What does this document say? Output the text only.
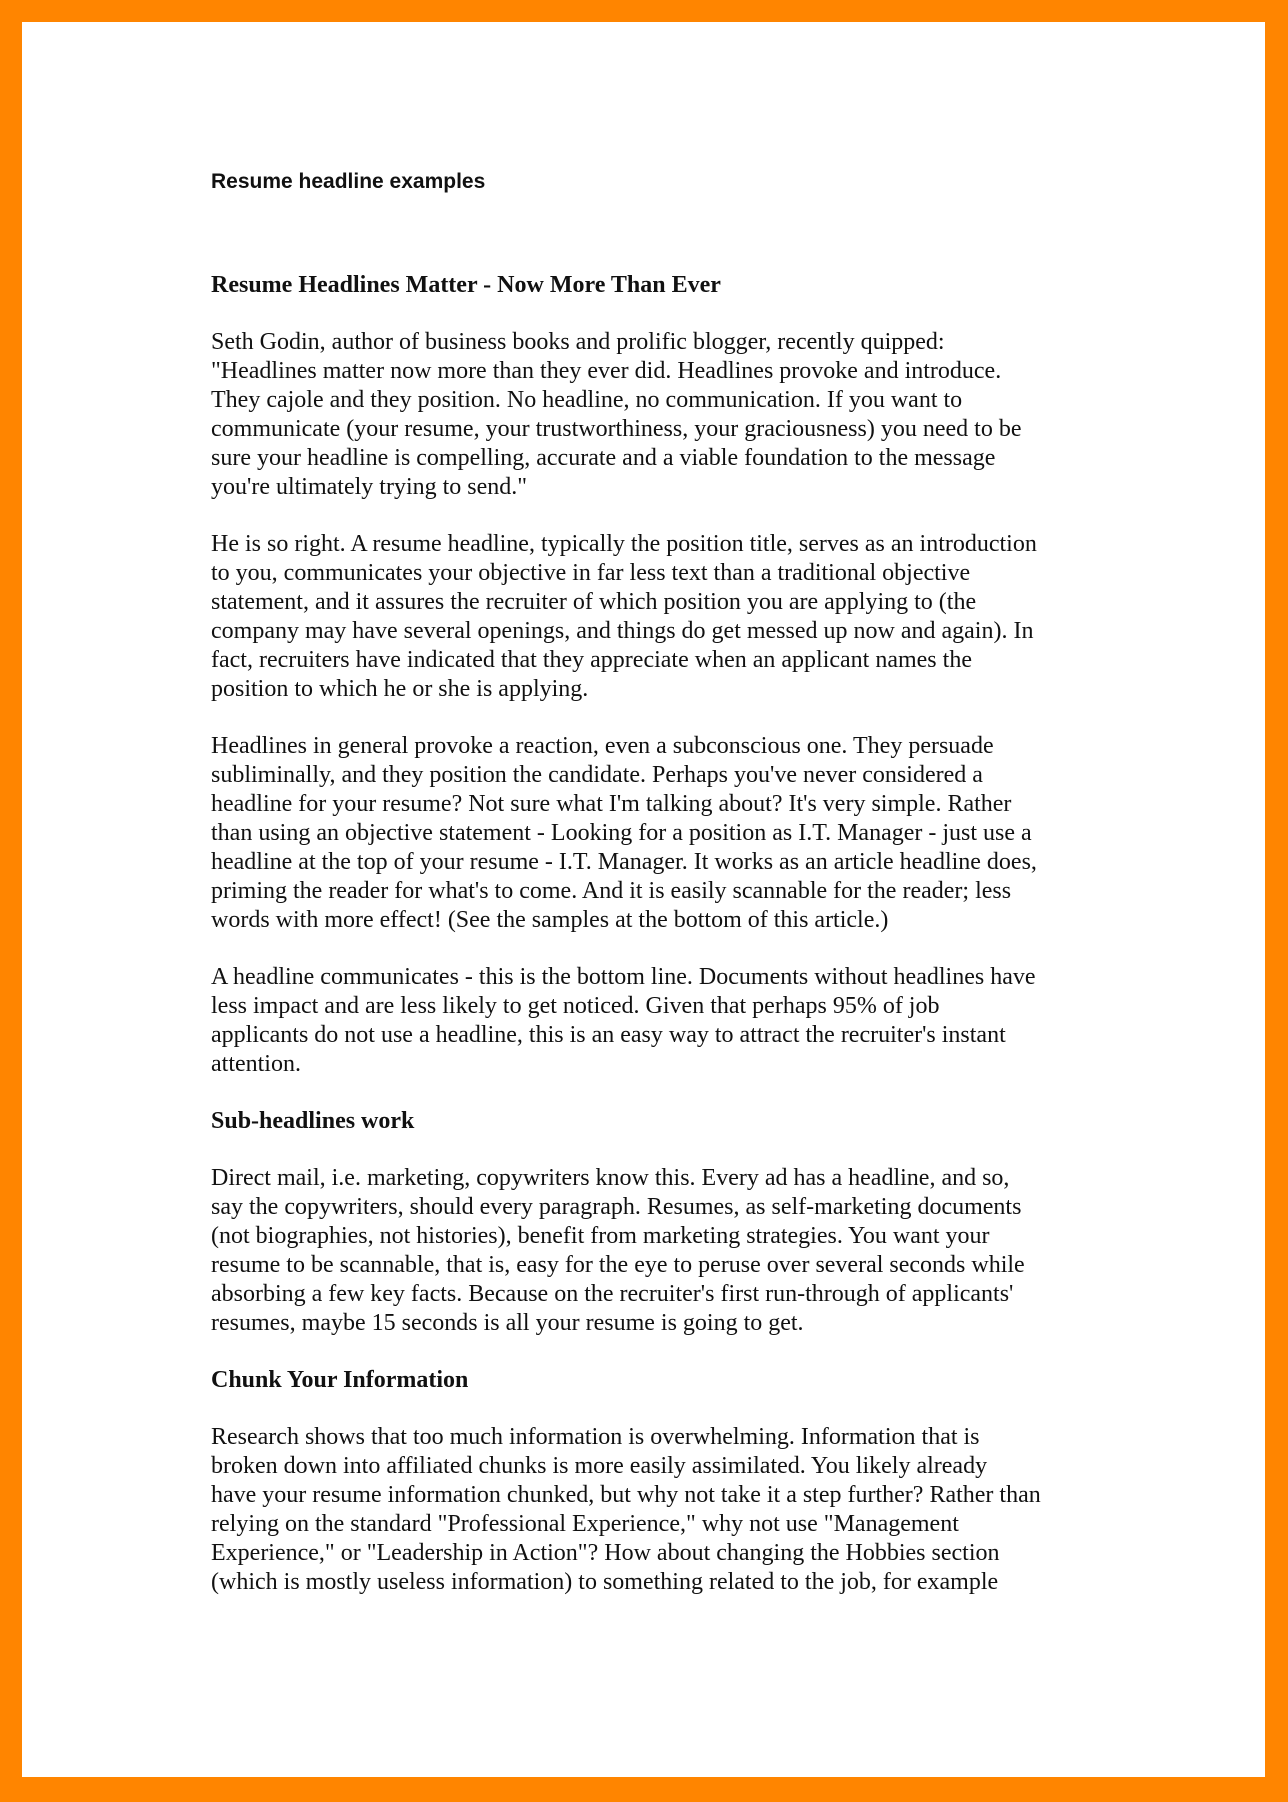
Resume headline examples
Resume Headlines Matter - Now More Than Ever

Seth Godin, author of business books and prolific blogger, recently quipped:
"Headlines matter now more than they ever did. Headlines provoke and introduce.
They cajole and they position. No headline, no communication. If you want to
communicate (your resume, your trustworthiness, your graciousness) you need to be
sure your headline is compelling, accurate and a viable foundation to the message
you're ultimately trying to send."

He is so right. A resume headline, typically the position title, serves as an introduction
to you, communicates your objective in far less text than a traditional objective
statement, and it assures the recruiter of which position you are applying to (the
company may have several openings, and things do get messed up now and again). In
fact, recruiters have indicated that they appreciate when an applicant names the
position to which he or she is applying.

Headlines in general provoke a reaction, even a subconscious one. They persuade
subliminally, and they position the candidate. Perhaps you've never considered a
headline for your resume? Not sure what I'm talking about? It's very simple. Rather
than using an objective statement - Looking for a position as I.T. Manager - just use a
headline at the top of your resume - I.T. Manager. It works as an article headline does,
priming the reader for what's to come. And it is easily scannable for the reader; less
words with more effect! (See the samples at the bottom of this article.)

A headline communicates - this is the bottom line. Documents without headlines have
less impact and are less likely to get noticed. Given that perhaps 95% of job
applicants do not use a headline, this is an easy way to attract the recruiter's instant
attention.

Sub-headlines work

Direct mail, i.e. marketing, copywriters know this. Every ad has a headline, and so,
say the copywriters, should every paragraph. Resumes, as self-marketing documents
(not biographies, not histories), benefit from marketing strategies. You want your
resume to be scannable, that is, easy for the eye to peruse over several seconds while
absorbing a few key facts. Because on the recruiter's first run-through of applicants'
resumes, maybe 15 seconds is all your resume is going to get.

Chunk Your Information

Research shows that too much information is overwhelming. Information that is
broken down into affiliated chunks is more easily assimilated. You likely already
have your resume information chunked, but why not take it a step further? Rather than
relying on the standard "Professional Experience," why not use "Management
Experience," or "Leadership in Action"? How about changing the Hobbies section
(which is mostly useless information) to something related to the job, for example
